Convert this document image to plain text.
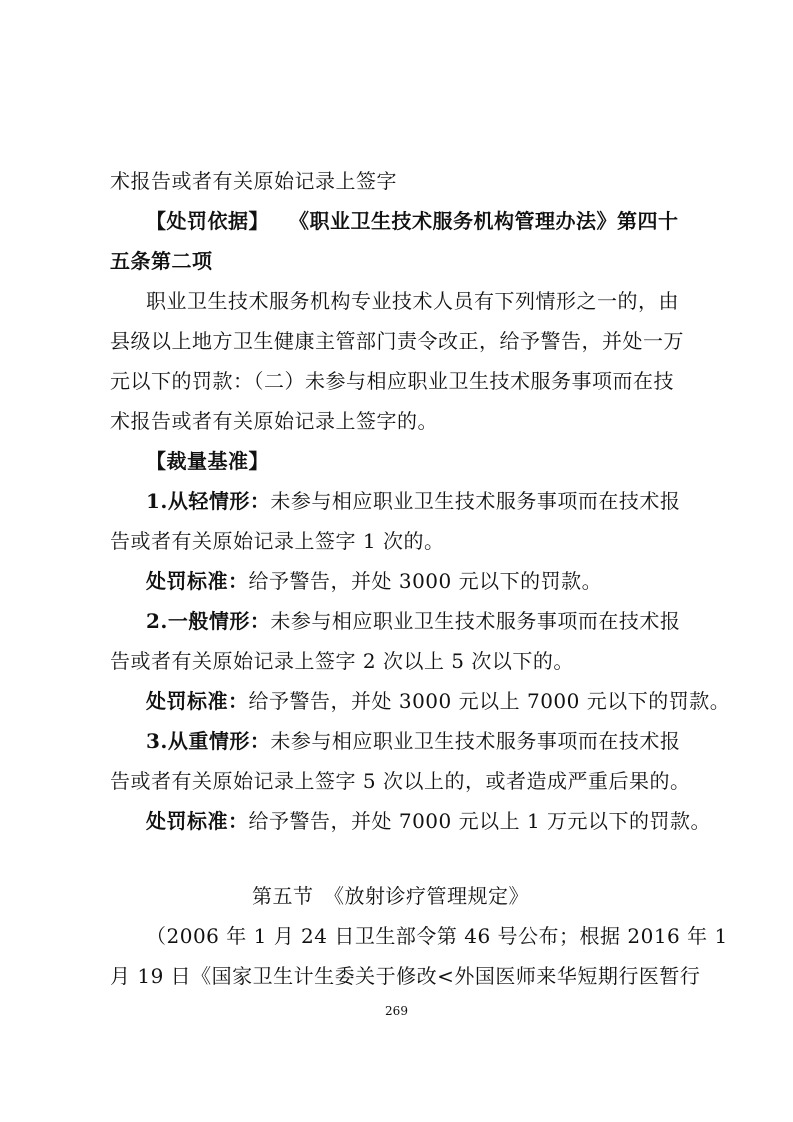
术报告或者有关原始记录上签字

【处罚依据】 《职业卫生技术服务机构管理办法》第四十

五条第二项

职业卫生技术服务机构专业技术人员有下列情形之一的，由

县级以上地方卫生健康主管部门责令改正，给予警告，并处一万

元以下的罚款：（二）未参与相应职业卫生技术服务事项而在技

术报告或者有关原始记录上签字的。

【裁量基准】

1.从轻情形：未参与相应职业卫生技术服务事项而在技术报

告或者有关原始记录上签字 1 次的。

处罚标准：给予警告，并处 3000 元以下的罚款。

2.一般情形：未参与相应职业卫生技术服务事项而在技术报

告或者有关原始记录上签字 2 次以上 5 次以下的。

处罚标准：给予警告，并处 3000 元以上 7000 元以下的罚款。

3.从重情形：未参与相应职业卫生技术服务事项而在技术报

告或者有关原始记录上签字 5 次以上的，或者造成严重后果的。

处罚标准：给予警告，并处 7000 元以上 1 万元以下的罚款。

第五节　《放射诊疗管理规定》

（2006 年 1 月 24 日卫生部令第 46 号公布；根据 2016 年 1

月 19 日《国家卫生计生委关于修改<外国医师来华短期行医暂行

269
